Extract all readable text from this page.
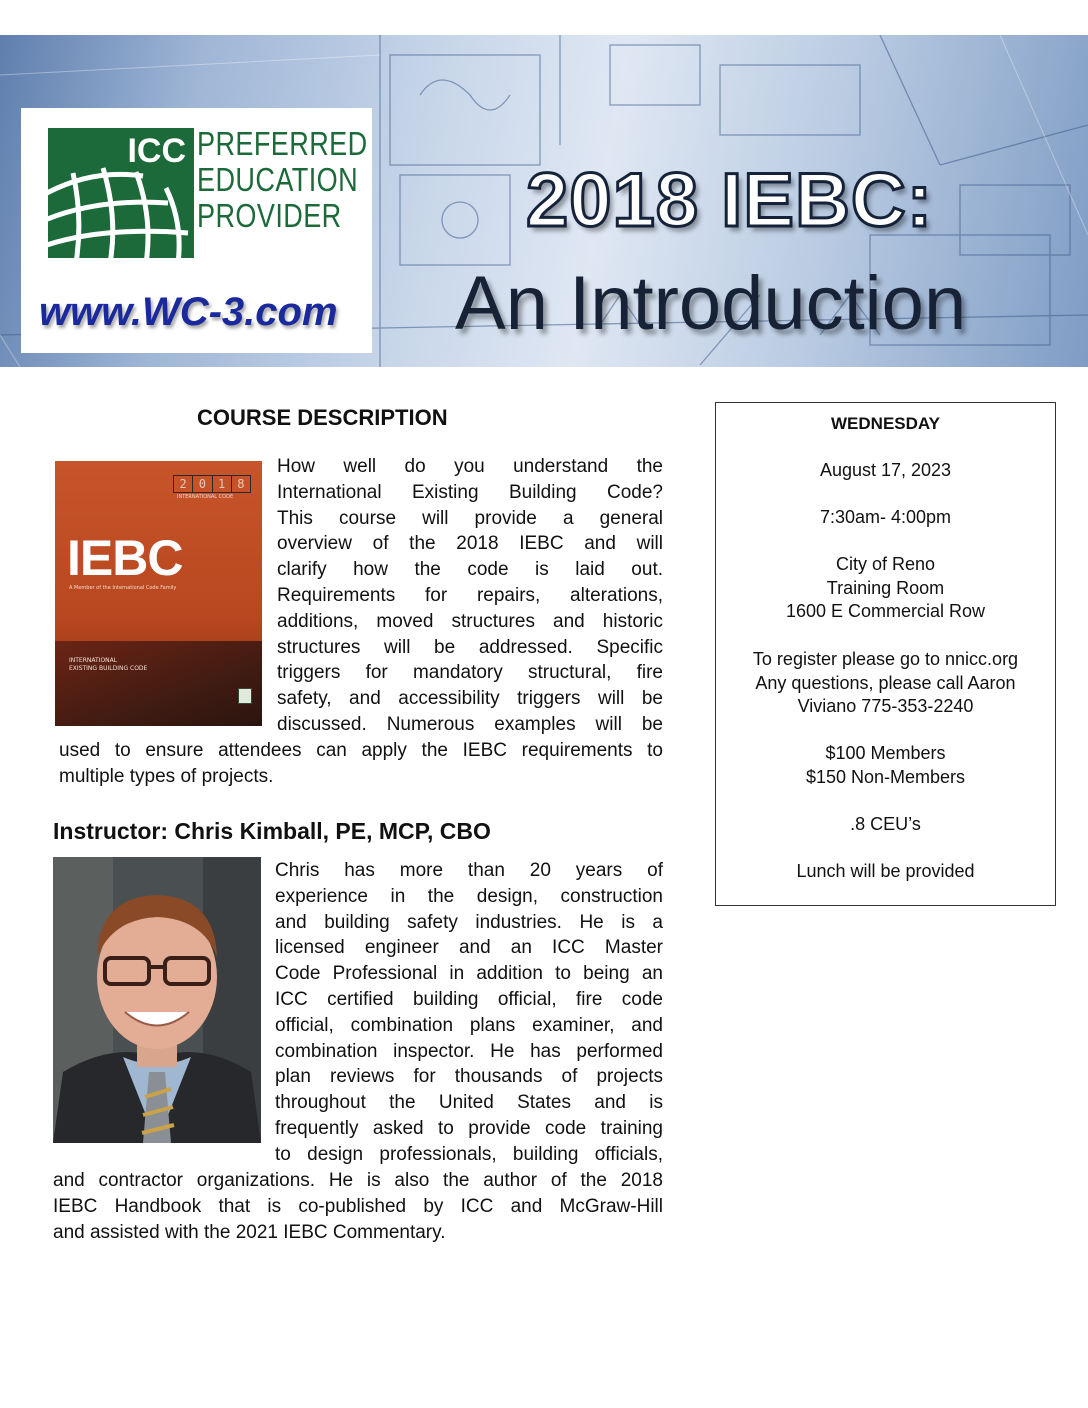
ICC PREFERRED
EDUCATION
PROVIDER
www.WC-3.com
2018 IEBC:
An Introduction
COURSE DESCRIPTION
2	0	1	8
INTERNATIONAL CODE
IEBC
A Member of the International Code Family
INTERNATIONAL
EXISTING BUILDING CODE
How well do you understand the
International Existing Building Code?
This course will provide a general
overview of the 2018 IEBC and will
clarify how the code is laid out.
Requirements for repairs, alterations,
additions, moved structures and historic
structures will be addressed. Specific
triggers for mandatory structural, fire
safety, and accessibility triggers will be
discussed. Numerous examples will be
used to ensure attendees can apply the IEBC requirements to
multiple types of projects.
Instructor: Chris Kimball, PE, MCP, CBO
Chris has more than 20 years of
experience in the design, construction
and building safety industries. He is a
licensed engineer and an ICC Master
Code Professional in addition to being an
ICC certified building official, fire code
official, combination plans examiner, and
combination inspector. He has performed
plan reviews for thousands of projects
throughout the United States and is
frequently asked to provide code training
to design professionals, building officials,
and contractor organizations. He is also the author of the 2018
IEBC Handbook that is co-published by ICC and McGraw-Hill
and assisted with the 2021 IEBC Commentary.
WEDNESDAY
August 17, 2023
7:30am- 4:00pm
City of Reno
Training Room
1600 E Commercial Row
To register please go to nnicc.org
Any questions, please call Aaron
Viviano 775-353-2240
$100 Members
$150 Non-Members
.8 CEU’s
Lunch will be provided
